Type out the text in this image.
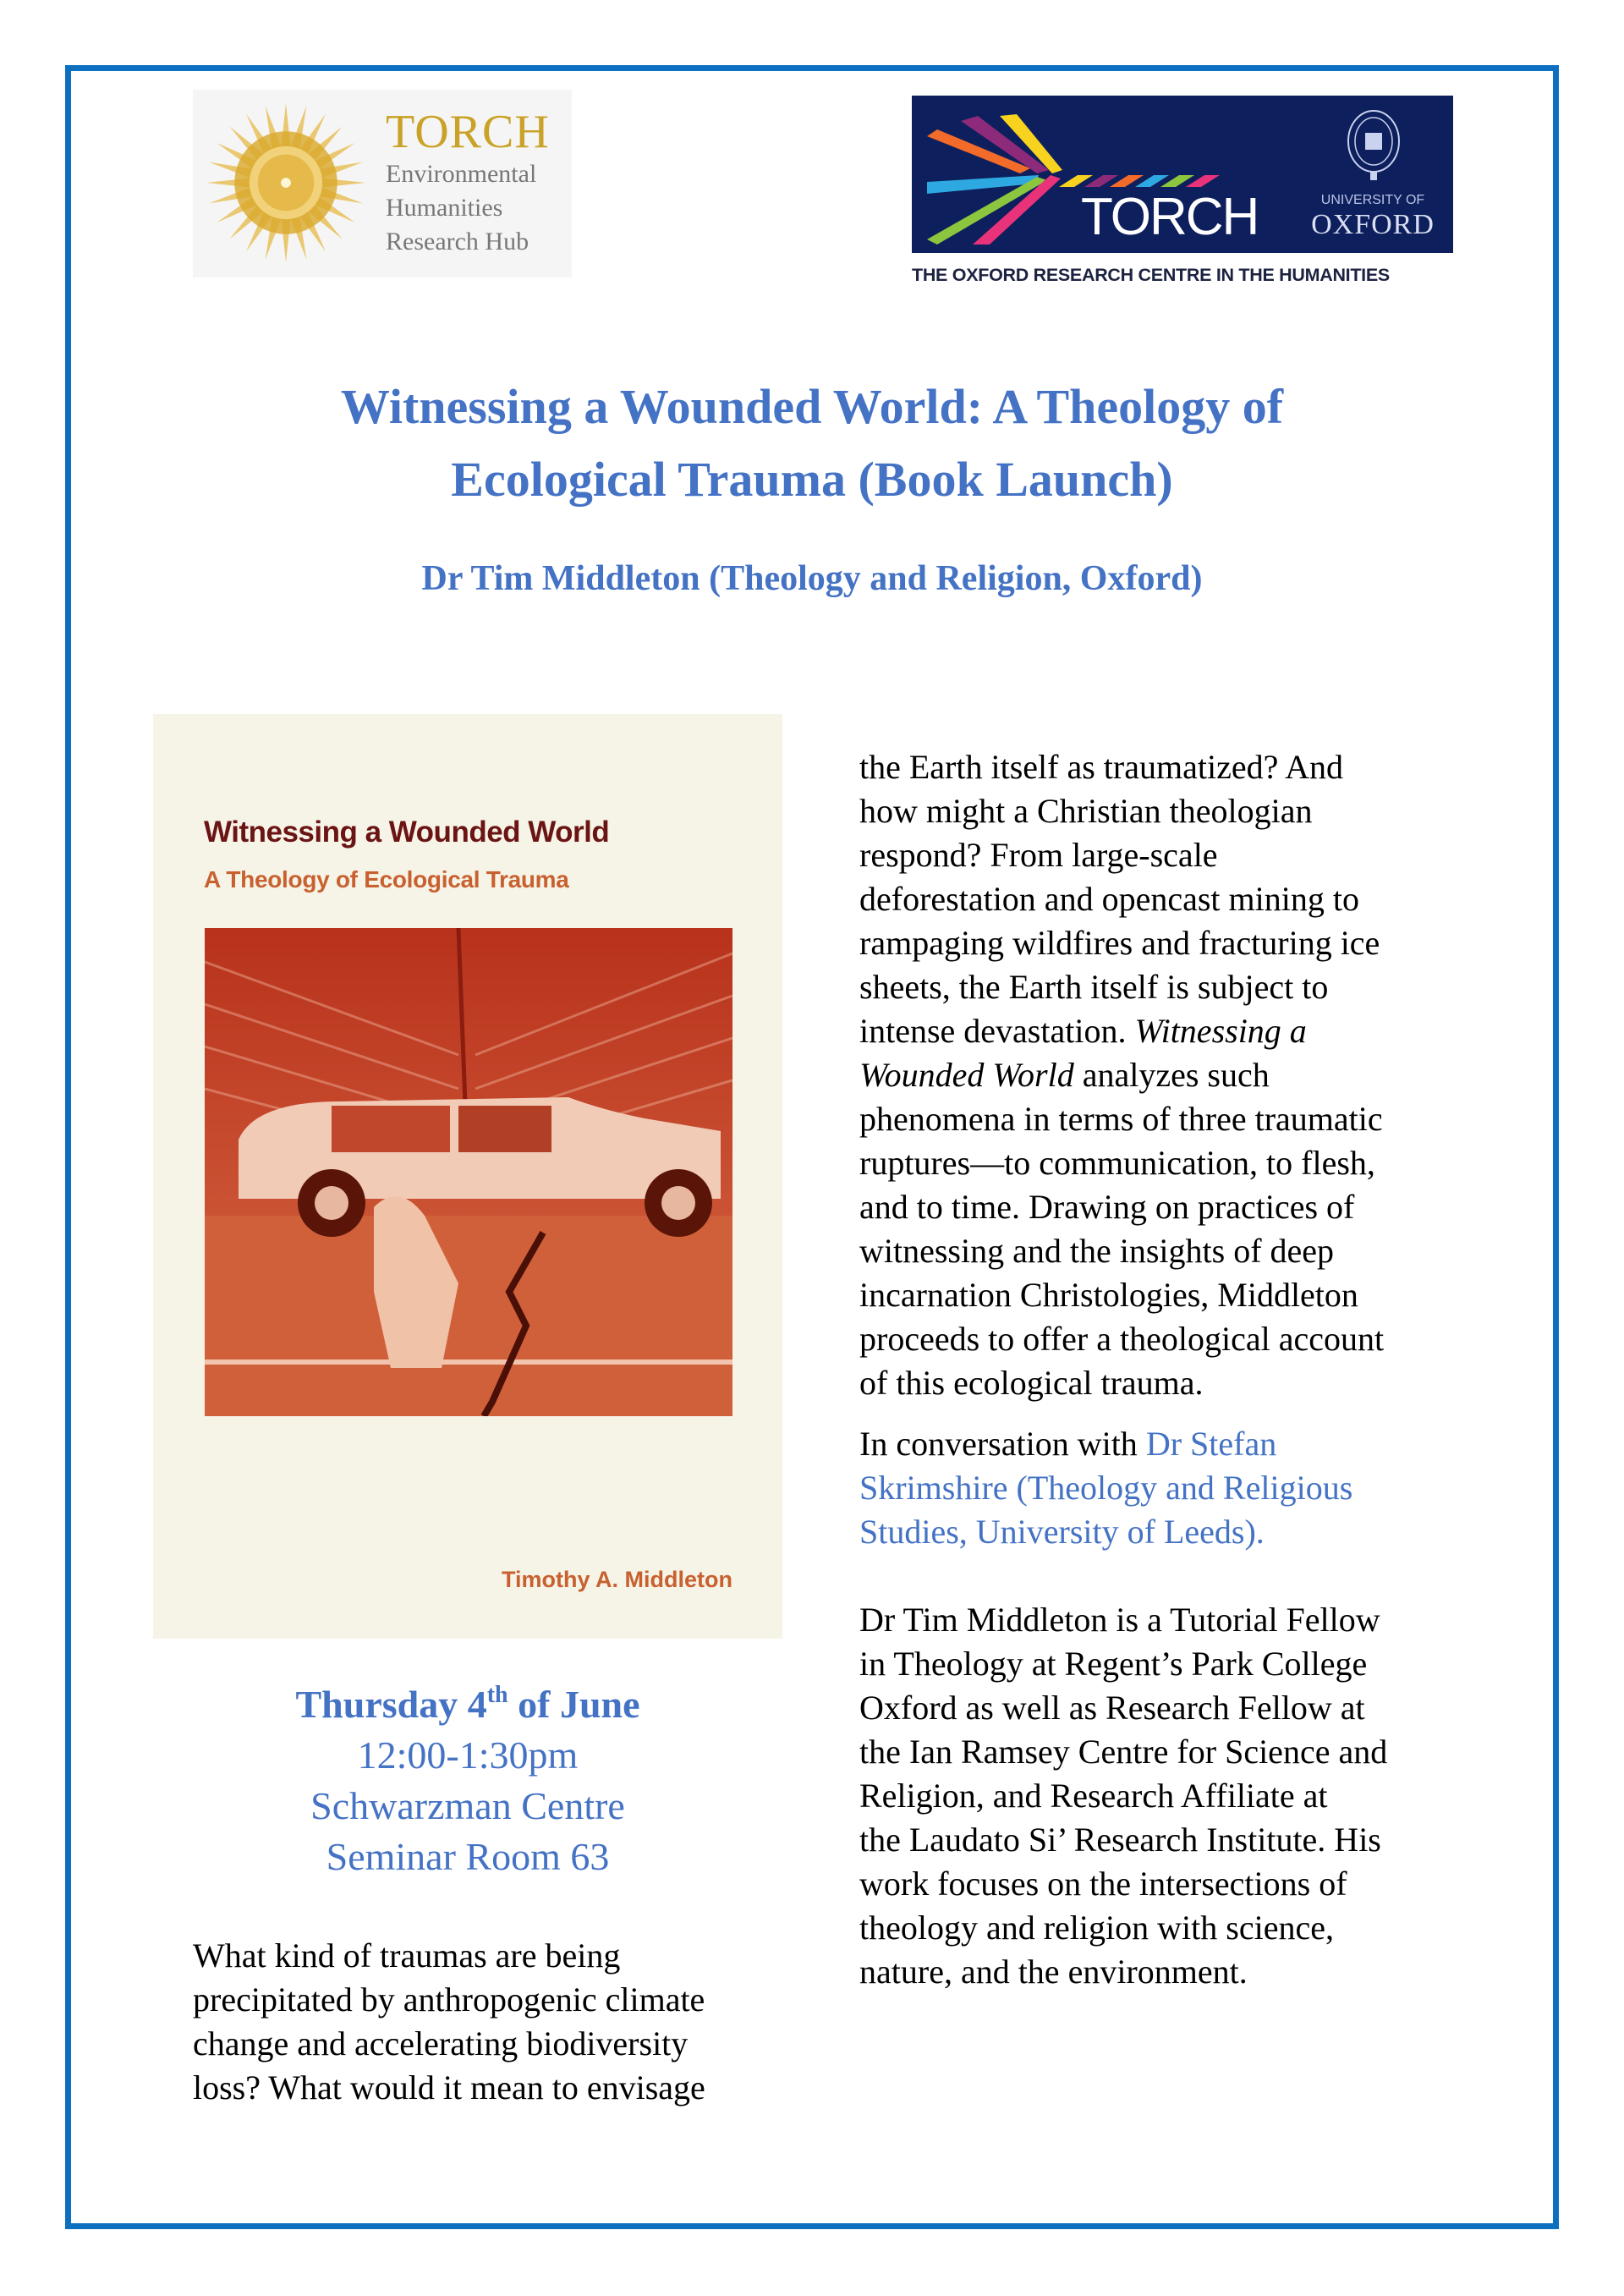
TORCH
Environmental
Humanities
Research Hub	TORCH	UNIVERSITY OF
OXFORD
THE OXFORD RESEARCH CENTRE IN THE HUMANITIES
Witnessing a Wounded World: A Theology of
Ecological Trauma (Book Launch)
Dr Tim Middleton (Theology and Religion, Oxford)
Witnessing a Wounded World
A Theology of Ecological Trauma
Timothy A. Middleton
Thursday 4th of June
12:00-1:30pm
Schwarzman Centre
Seminar Room 63
What kind of traumas are being
precipitated by anthropogenic climate
change and accelerating biodiversity
loss? What would it mean to envisage
the Earth itself as traumatized? And
how might a Christian theologian
respond? From large-scale
deforestation and opencast mining to
rampaging wildfires and fracturing ice
sheets, the Earth itself is subject to
intense devastation. Witnessing a
Wounded World analyzes such
phenomena in terms of three traumatic
ruptures—to communication, to flesh,
and to time. Drawing on practices of
witnessing and the insights of deep
incarnation Christologies, Middleton
proceeds to offer a theological account
of this ecological trauma.
In conversation with Dr Stefan
Skrimshire (Theology and Religious
Studies, University of Leeds).
Dr Tim Middleton is a Tutorial Fellow
in Theology at Regent’s Park College
Oxford as well as Research Fellow at
the Ian Ramsey Centre for Science and
Religion, and Research Affiliate at
the Laudato Si’ Research Institute. His
work focuses on the intersections of
theology and religion with science,
nature, and the environment.
